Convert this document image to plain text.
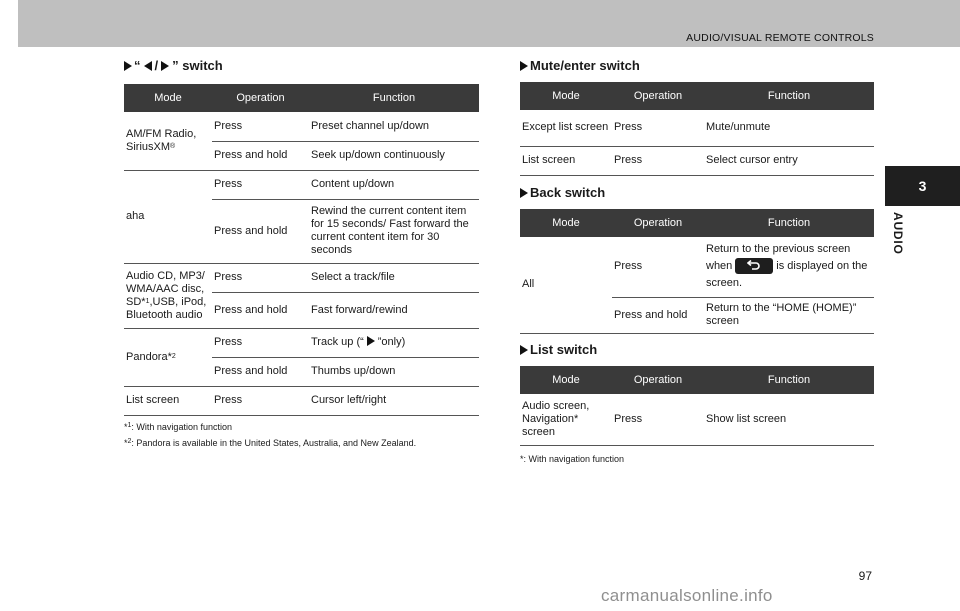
AUDIO/VISUAL REMOTE CONTROLS
3
AUDIO
“ / ” switch
Mode	Operation	Function
AM/FM Radio, SiriusXM®	Press	Preset channel up/down
	Press and hold	Seek up/down continuously
aha	Press	Content up/down
	Press and hold	Rewind the current content item for 15 seconds/ Fast forward the current content item for 30 seconds
Audio CD, MP3/ WMA/AAC disc, SD*$^1$,USB, iPod, Bluetooth audio	Press	Select a track/file
	Press and hold	Fast forward/rewind
Pandora*$^2$	Press	Track up (“ ”only)
	Press and hold	Thumbs up/down
List screen	Press	Cursor left/right
*$^1$: With navigation function
*$^2$: Pandora is available in the United States, Australia, and New Zealand.
Mute/enter switch
Mode	Operation	Function
Except list screen	Press	Mute/unmute
List screen	Press	Select cursor entry
Back switch
Mode	Operation	Function
All	Press	Return to the previous screen when is displayed on the screen.
	Press and hold	Return to the “HOME (HOME)” screen
List switch
Mode	Operation	Function
Audio screen, Navigation* screen	Press	Show list screen
*: With navigation function
97
carmanualsonline.info
